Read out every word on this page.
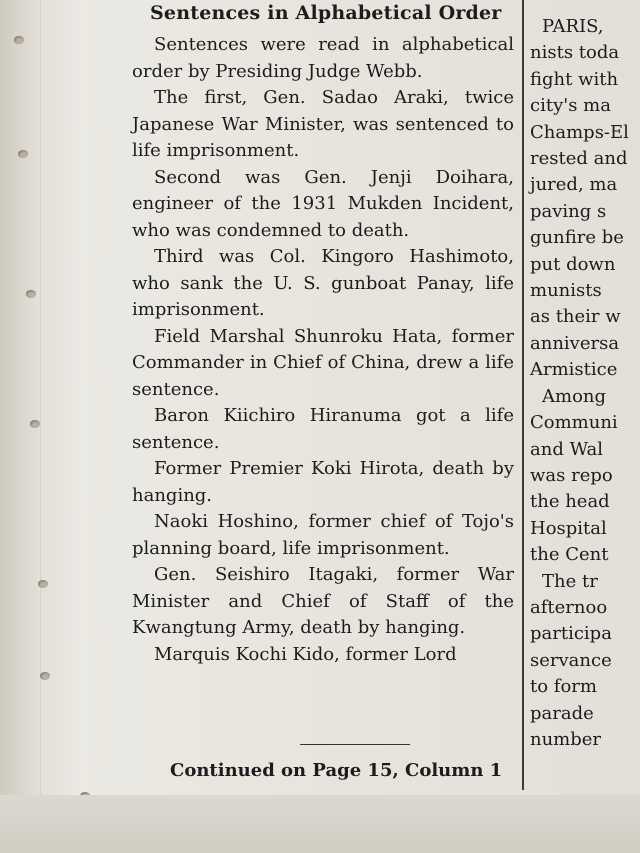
Sentences in Alphabetical Order

Sentences were read in alphabetical order by Presiding Judge Webb.

The first, Gen. Sadao Araki, twice Japanese War Minister, was sentenced to life imprisonment.

Second was Gen. Jenji Doihara, engineer of the 1931 Mukden Incident, who was condemned to death.

Third was Col. Kingoro Hashimoto, who sank the U. S. gunboat Panay, life imprisonment.

Field Marshal Shunroku Hata, former Commander in Chief of China, drew a life sentence.

Baron Kiichiro Hiranuma got a life sentence.

Former Premier Koki Hirota, death by hanging.

Naoki Hoshino, former chief of Tojo's planning board, life imprisonment.

Gen. Seishiro Itagaki, former War Minister and Chief of Staff of the Kwangtung Army, death by hanging.

Marquis Kochi Kido, former Lord

Continued on Page 15, Column 1
PARIS,
nists toda
fight with
city's ma
Champs-El
rested and
jured, ma
paving s
gunfire be
put down
munists
as their w
anniversa
Armistice
Among
Communi
and Wal
was repo
the head
Hospital
the Cent
The tr
afternoo
participa
servance
to form
parade
number
